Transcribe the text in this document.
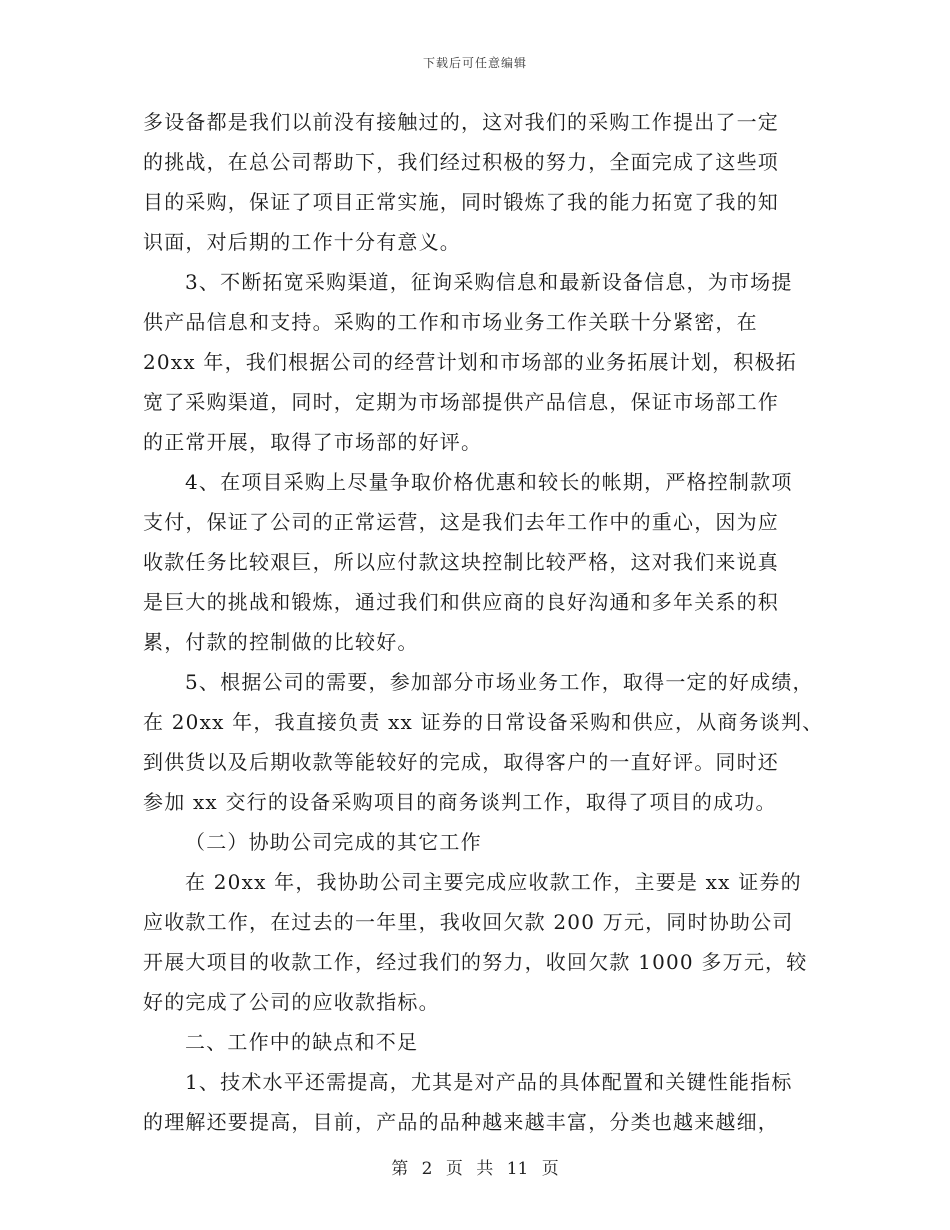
下载后可任意编辑
多设备都是我们以前没有接触过的，这对我们的采购工作提出了一定
的挑战，在总公司帮助下，我们经过积极的努力，全面完成了这些项
目的采购，保证了项目正常实施，同时锻炼了我的能力拓宽了我的知
识面，对后期的工作十分有意义。
3、不断拓宽采购渠道，征询采购信息和最新设备信息，为市场提
供产品信息和支持。采购的工作和市场业务工作关联十分紧密，在
20xx 年，我们根据公司的经营计划和市场部的业务拓展计划，积极拓
宽了采购渠道，同时，定期为市场部提供产品信息，保证市场部工作
的正常开展，取得了市场部的好评。
4、在项目采购上尽量争取价格优惠和较长的帐期，严格控制款项
支付，保证了公司的正常运营，这是我们去年工作中的重心，因为应
收款任务比较艰巨，所以应付款这块控制比较严格，这对我们来说真
是巨大的挑战和锻炼，通过我们和供应商的良好沟通和多年关系的积
累，付款的控制做的比较好。
5、根据公司的需要，参加部分市场业务工作，取得一定的好成绩，
在 20xx 年，我直接负责 xx 证券的日常设备采购和供应，从商务谈判、
到供货以及后期收款等能较好的完成，取得客户的一直好评。同时还
参加 xx 交行的设备采购项目的商务谈判工作，取得了项目的成功。
（二）协助公司完成的其它工作
在 20xx 年，我协助公司主要完成应收款工作，主要是 xx 证券的
应收款工作，在过去的一年里，我收回欠款 200 万元，同时协助公司
开展大项目的收款工作，经过我们的努力，收回欠款 1000 多万元，较
好的完成了公司的应收款指标。
二、工作中的缺点和不足
1、技术水平还需提高，尤其是对产品的具体配置和关键性能指标
的理解还要提高，目前，产品的品种越来越丰富，分类也越来越细，
第 2 页 共 11 页
